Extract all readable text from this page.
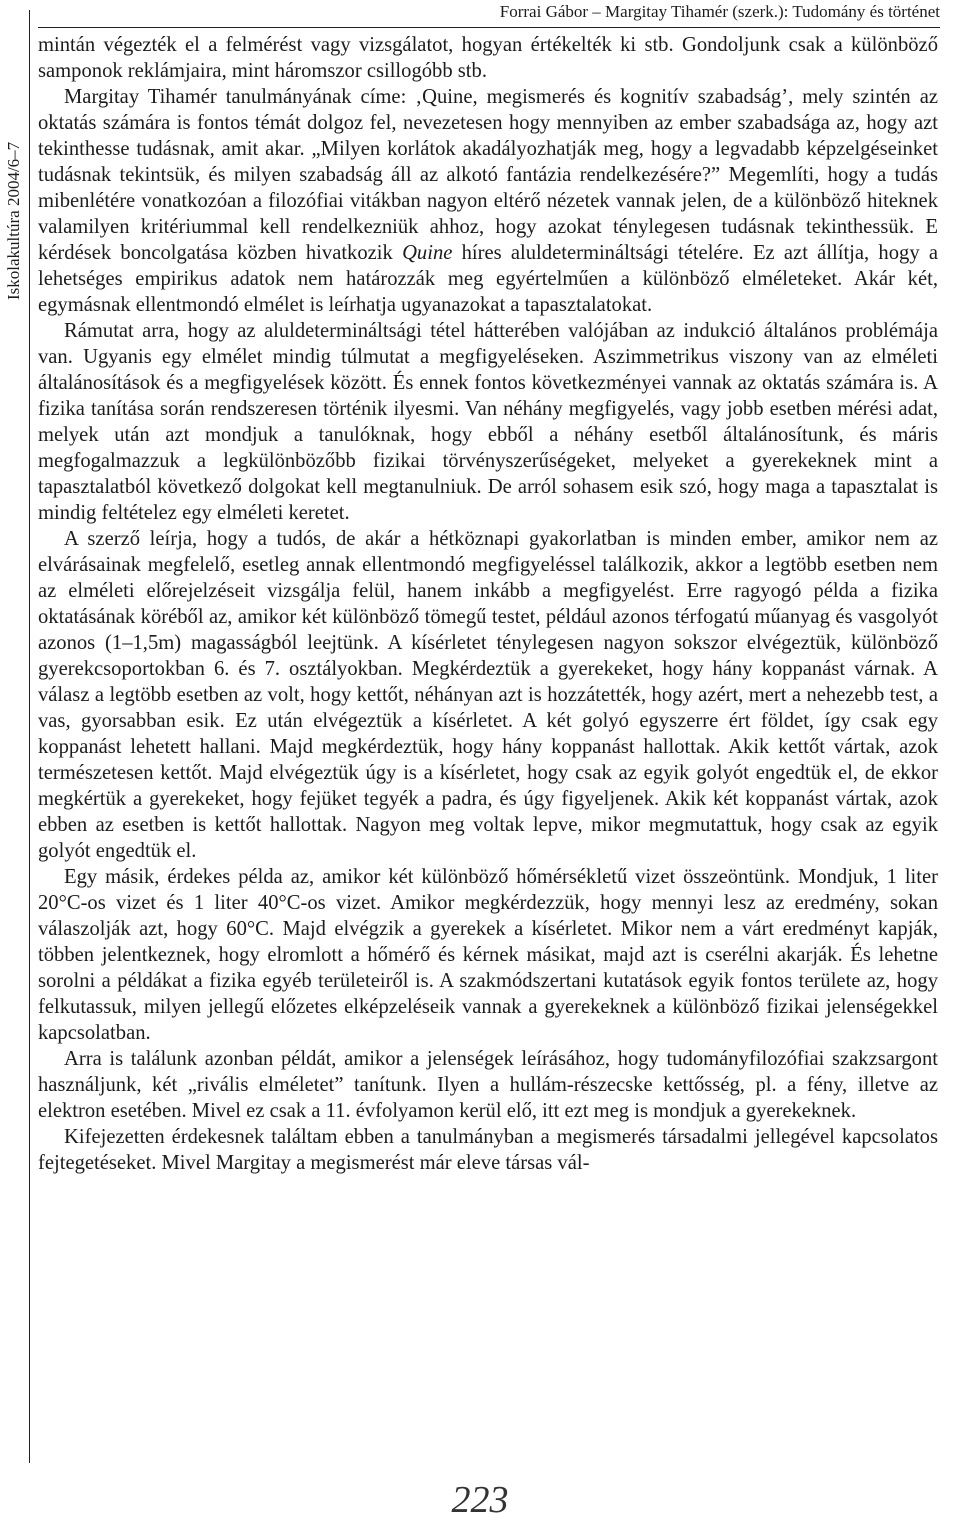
Forrai Gábor – Margitay Tihamér (szerk.): Tudomány és történet
Iskolakultúra 2004/6–7

mintán végezték el a felmérést vagy vizsgálatot, hogyan értékelték ki stb. Gondoljunk csak a különböző samponok reklámjaira, mint háromszor csillogóbb stb.

Margitay Tihamér tanulmányának címe: ‚Quine, megismerés és kognitív szabadság’, mely szintén az oktatás számára is fontos témát dolgoz fel, nevezetesen hogy mennyiben az ember szabadsága az, hogy azt tekinthesse tudásnak, amit akar. „Milyen korlátok akadályozhatják meg, hogy a legvadabb képzelgéseinket tudásnak tekintsük, és milyen szabadság áll az alkotó fantázia rendelkezésére?” Megemlíti, hogy a tudás mibenlétére vonatkozóan a filozófiai vitákban nagyon eltérő nézetek vannak jelen, de a különböző hiteknek valamilyen kritériummal kell rendelkezniük ahhoz, hogy azokat ténylegesen tudásnak tekinthessük. E kérdések boncolgatása közben hivatkozik Quine híres aluldetermináltsági tételére. Ez azt állítja, hogy a lehetséges empirikus adatok nem határozzák meg egyértelműen a különböző elméleteket. Akár két, egymásnak ellentmondó elmélet is leírhatja ugyanazokat a tapasztalatokat.

Rámutat arra, hogy az aluldetermináltsági tétel hátterében valójában az indukció általános problémája van. Ugyanis egy elmélet mindig túlmutat a megfigyeléseken. Aszimmetrikus viszony van az elméleti általánosítások és a megfigyelések között. És ennek fontos következményei vannak az oktatás számára is. A fizika tanítása során rendszeresen történik ilyesmi. Van néhány megfigyelés, vagy jobb esetben mérési adat, melyek után azt mondjuk a tanulóknak, hogy ebből a néhány esetből általánosítunk, és máris megfogalmazzuk a legkülönbözőbb fizikai törvényszerűségeket, melyeket a gyerekeknek mint a tapasztalatból következő dolgokat kell megtanulniuk. De arról sohasem esik szó, hogy maga a tapasztalat is mindig feltételez egy elméleti keretet.

A szerző leírja, hogy a tudós, de akár a hétköznapi gyakorlatban is minden ember, amikor nem az elvárásainak megfelelő, esetleg annak ellentmondó megfigyeléssel találkozik, akkor a legtöbb esetben nem az elméleti előrejelzéseit vizsgálja felül, hanem inkább a megfigyelést. Erre ragyogó példa a fizika oktatásának köréből az, amikor két különböző tömegű testet, például azonos térfogatú műanyag és vasgolyót azonos (1–1,5m) magasságból leejtünk. A kísérletet ténylegesen nagyon sokszor elvégeztük, különböző gyerekcsoportokban 6. és 7. osztályokban. Megkérdeztük a gyerekeket, hogy hány koppanást várnak. A válasz a legtöbb esetben az volt, hogy kettőt, néhányan azt is hozzátették, hogy azért, mert a nehezebb test, a vas, gyorsabban esik. Ez után elvégeztük a kísérletet. A két golyó egyszerre ért földet, így csak egy koppanást lehetett hallani. Majd megkérdeztük, hogy hány koppanást hallottak. Akik kettőt vártak, azok természetesen kettőt. Majd elvégeztük úgy is a kísérletet, hogy csak az egyik golyót engedtük el, de ekkor megkértük a gyerekeket, hogy fejüket tegyék a padra, és úgy figyeljenek. Akik két koppanást vártak, azok ebben az esetben is kettőt hallottak. Nagyon meg voltak lepve, mikor megmutattuk, hogy csak az egyik golyót engedtük el.

Egy másik, érdekes példa az, amikor két különböző hőmérsékletű vizet összeöntünk. Mondjuk, 1 liter 20°C-os vizet és 1 liter 40°C-os vizet. Amikor megkérdezzük, hogy mennyi lesz az eredmény, sokan válaszolják azt, hogy 60°C. Majd elvégzik a gyerekek a kísérletet. Mikor nem a várt eredményt kapják, többen jelentkeznek, hogy elromlott a hőmérő és kérnek másikat, majd azt is cserélni akarják. És lehetne sorolni a példákat a fizika egyéb területeiről is. A szakmódszertani kutatások egyik fontos területe az, hogy felkutassuk, milyen jellegű előzetes elképzeléseik vannak a gyerekeknek a különböző fizikai jelenségekkel kapcsolatban.

Arra is találunk azonban példát, amikor a jelenségek leírásához, hogy tudományfilozófiai szakzsargont használjunk, két „rivális elméletet” tanítunk. Ilyen a hullám-részecske kettősség, pl. a fény, illetve az elektron esetében. Mivel ez csak a 11. évfolyamon kerül elő, itt ezt meg is mondjuk a gyerekeknek.

Kifejezetten érdekesnek találtam ebben a tanulmányban a megismerés társadalmi jellegével kapcsolatos fejtegetéseket. Mivel Margitay a megismerést már eleve társas vál-

223
